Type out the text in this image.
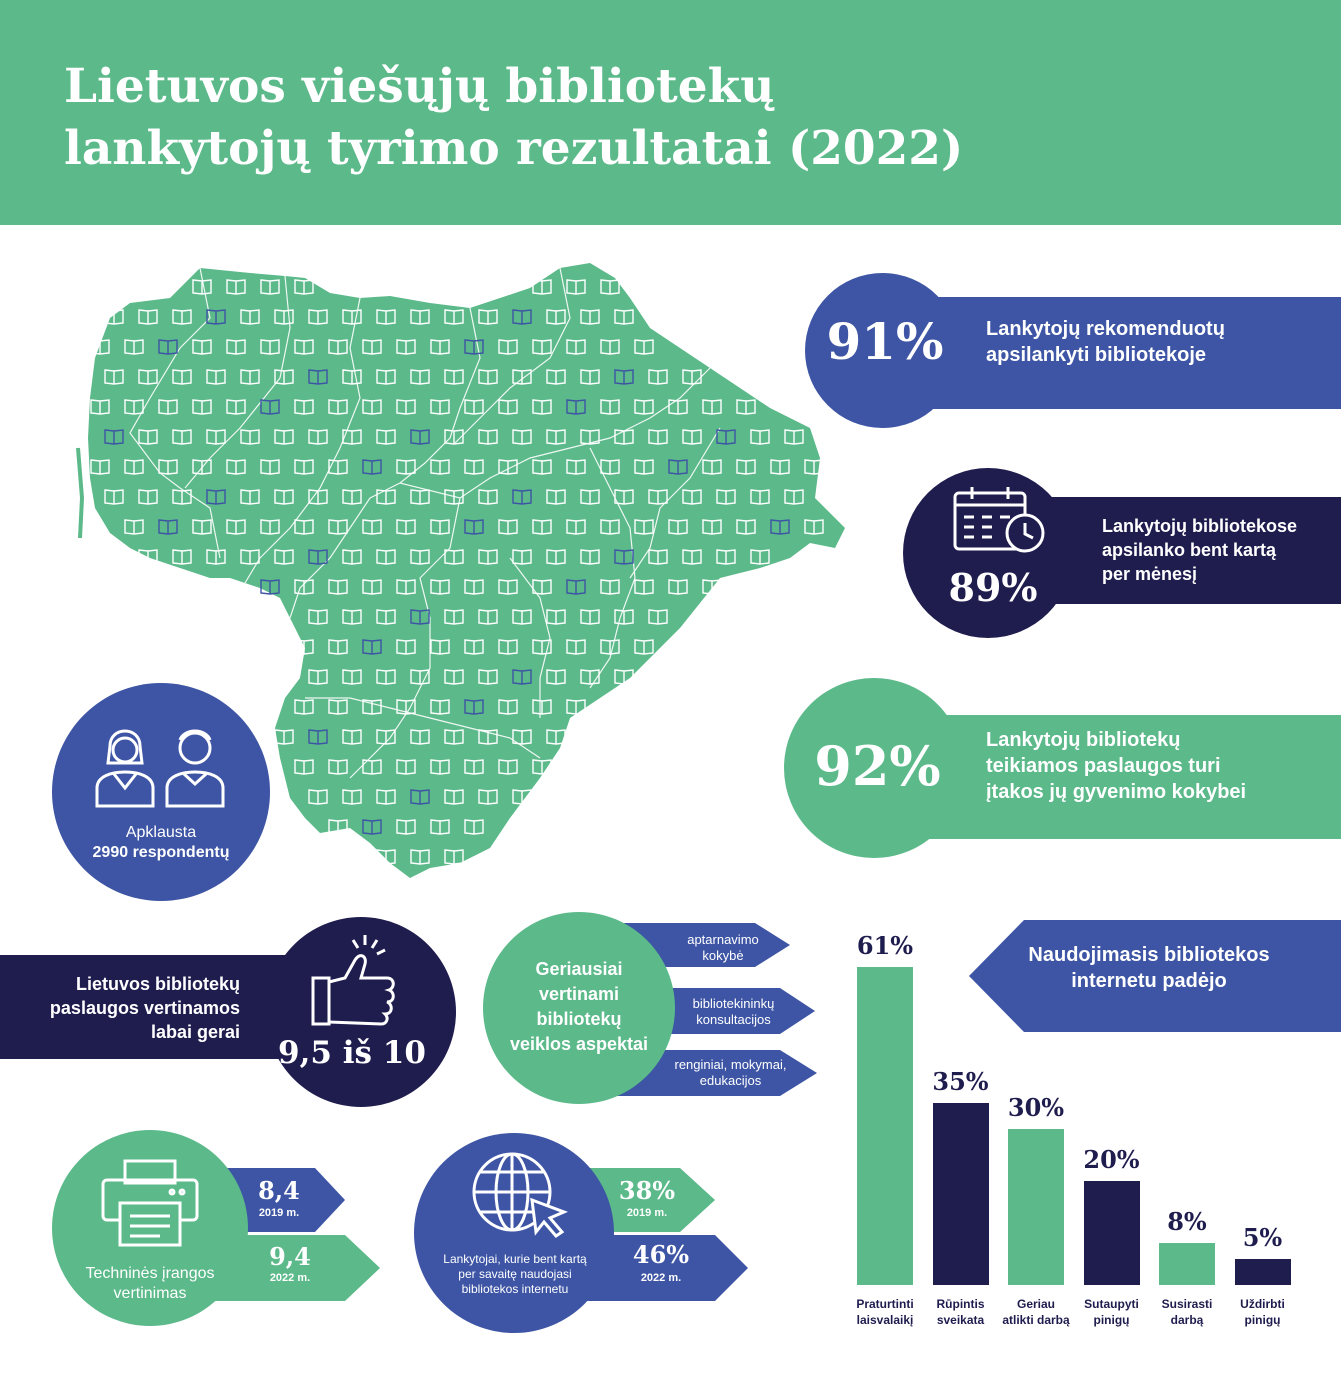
Lietuvos viešųjų bibliotekų
lankytojų tyrimo rezultatai (2022)
91%	Lankytojų rekomenduotų
apsilankyti bibliotekoje
89%
Lankytojų bibliotekose
apsilanko bent kartą
per mėnesį
92%	Lankytojų bibliotekų
teikiamos paslaugos turi
įtakos jų gyvenimo kokybei
Apklausta
2990 respondentų
Lietuvos bibliotekų
paslaugos vertinamos
labai gerai
9,5 iš 10
Geriausiai
vertinami
bibliotekų
veiklos aspektai
aptarnavimo
kokybė
bibliotekininkų
konsultacijos
renginiai, mokymai,
edukacijos
Techninės įrangos
vertinimas
8,4
2019 m.
9,4
2022 m.
Lankytojai, kurie bent kartą
per savaitę naudojasi
bibliotekos internetu
38%
2019 m.
46%
2022 m.
Naudojimasis bibliotekos
internetu padėjo
61%
Praturtinti
laisvalaikį
35%
Rūpintis
sveikata
30%
Geriau
atlikti darbą
20%
Sutaupyti
pinigų
8%
Susirasti
darbą
5%
Uždirbti
pinigų
